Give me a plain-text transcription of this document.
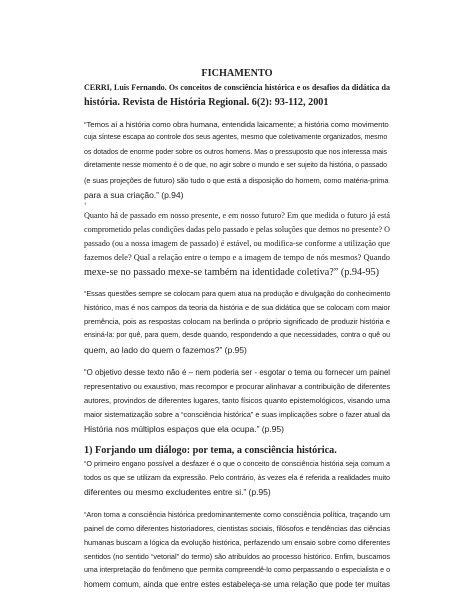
FICHAMENTO
CERRI, Luis Fernando. Os conceitos de consciência histórica e os desafios da didática da
história. Revista de História Regional. 6(2): 93-112, 2001
“Temos aí a história como obra humana, entendida laicamente; a história como movimento
cuja síntese escapa ao controle dos seus agentes, mesmo que coletivamente organizados, mesmo
os dotados de enorme poder sobre os outros homens. Mas o pressuposto que nos interessa mais
diretamente nesse momento é o de que, no agir sobre o mundo e ser sujeito da história, o passado
(e suas projeções de futuro) são tudo o que está a disposição do homem, como matéria-prima
para a sua criação.” (p.94)
‘
Quanto há de passado em nosso presente, e em nosso futuro? Em que medida o futuro já está
comprometido pelas condições dadas pelo passado e pelas soluções que demos no presente? O
passado (ou a nossa imagem de passado) é estável, ou modifica-se conforme a utilização que
fazemos dele? Qual a relação entre o tempo e a imagem de tempo de nós mesmos? Quando
mexe-se no passado mexe-se também na identidade coletiva?” (p.94-95)
“Essas questões sempre se colocam para quem atua na produção e divulgação do conhecimento
histórico, mas é nos campos da teoria da história e de sua didática que se colocam com maior
premência, pois as respostas colocam na berlinda o próprio significado de produzir história e
ensiná-la: por quê, para quem, desde quando, respondendo a que necessidades, contra o quê ou
quem, ao lado do quem o fazemos?” (p.95)
“O objetivo desse texto não é – nem poderia ser - esgotar o tema ou fornecer um painel
representativo ou exaustivo, mas recompor e procurar alinhavar a contribuição de diferentes
autores, provindos de diferentes lugares, tanto físicos quanto epistemológicos, visando uma
maior sistematização sobre a “consciência histórica” e suas implicações sobre o fazer atual da
História nos múltiplos espaços que ela ocupa.” (p.95)
1) Forjando um diálogo: por tema, a consciência histórica.
“O primeiro engano possível a desfazer é o que o conceito de consciência história seja comum a
todos os que se utilizam da expressão. Pelo contrário, às vezes ela é referida a realidades muito
diferentes ou mesmo excludentes entre si.” (p.95)
“Aron toma a consciência histórica predominantemente como consciência política, traçando um
painel de como diferentes historiadores, cientistas sociais, filósofos e tendências das ciências
humanas buscam a lógica da evolução histórica, perfazendo um ensaio sobre como diferentes
sentidos (no sentido “vetorial” do termo) são atribuídos ao processo histórico. Enfim, buscamos
uma interpretação do fenômeno que permita compreendê-lo como perpassando o especialista e o
homem comum, ainda que entre estes estabeleça-se uma relação que pode ter muitas
